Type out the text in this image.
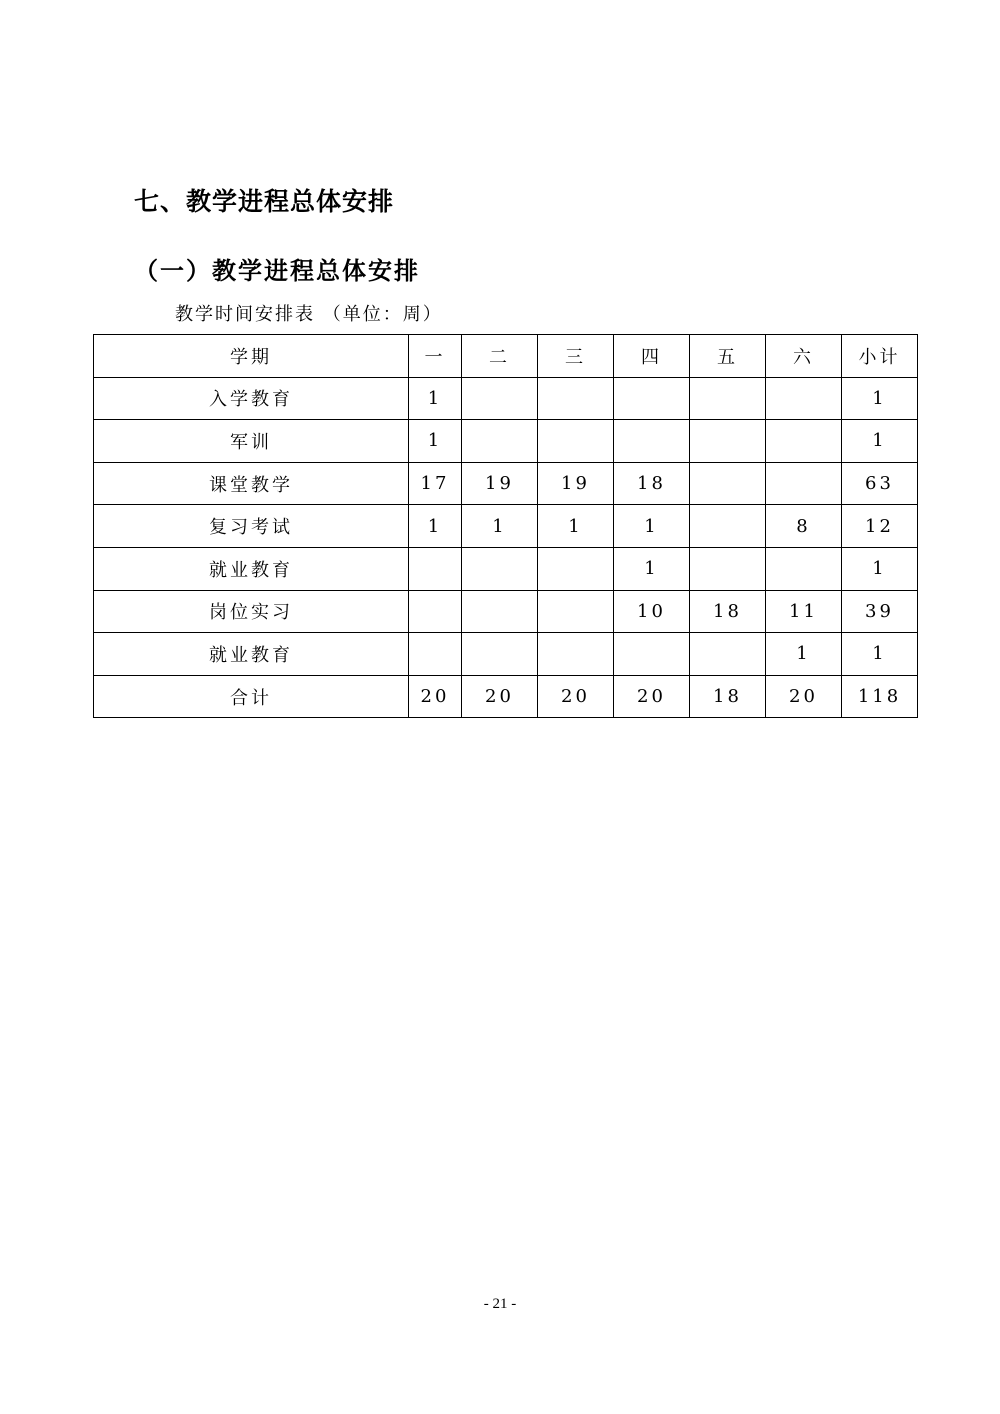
七、教学进程总体安排
（一）教学进程总体安排
教学时间安排表 （单位：周）
学期	一	二	三	四	五	六	小计
入学教育	1						1
军训	1						1
课堂教学	17	19	19	18			63
复习考试	1	1	1	1		8	12
就业教育				1			1
岗位实习				10	18	11	39
就业教育						1	1
合计	20	20	20	20	18	20	118
- 21 -
